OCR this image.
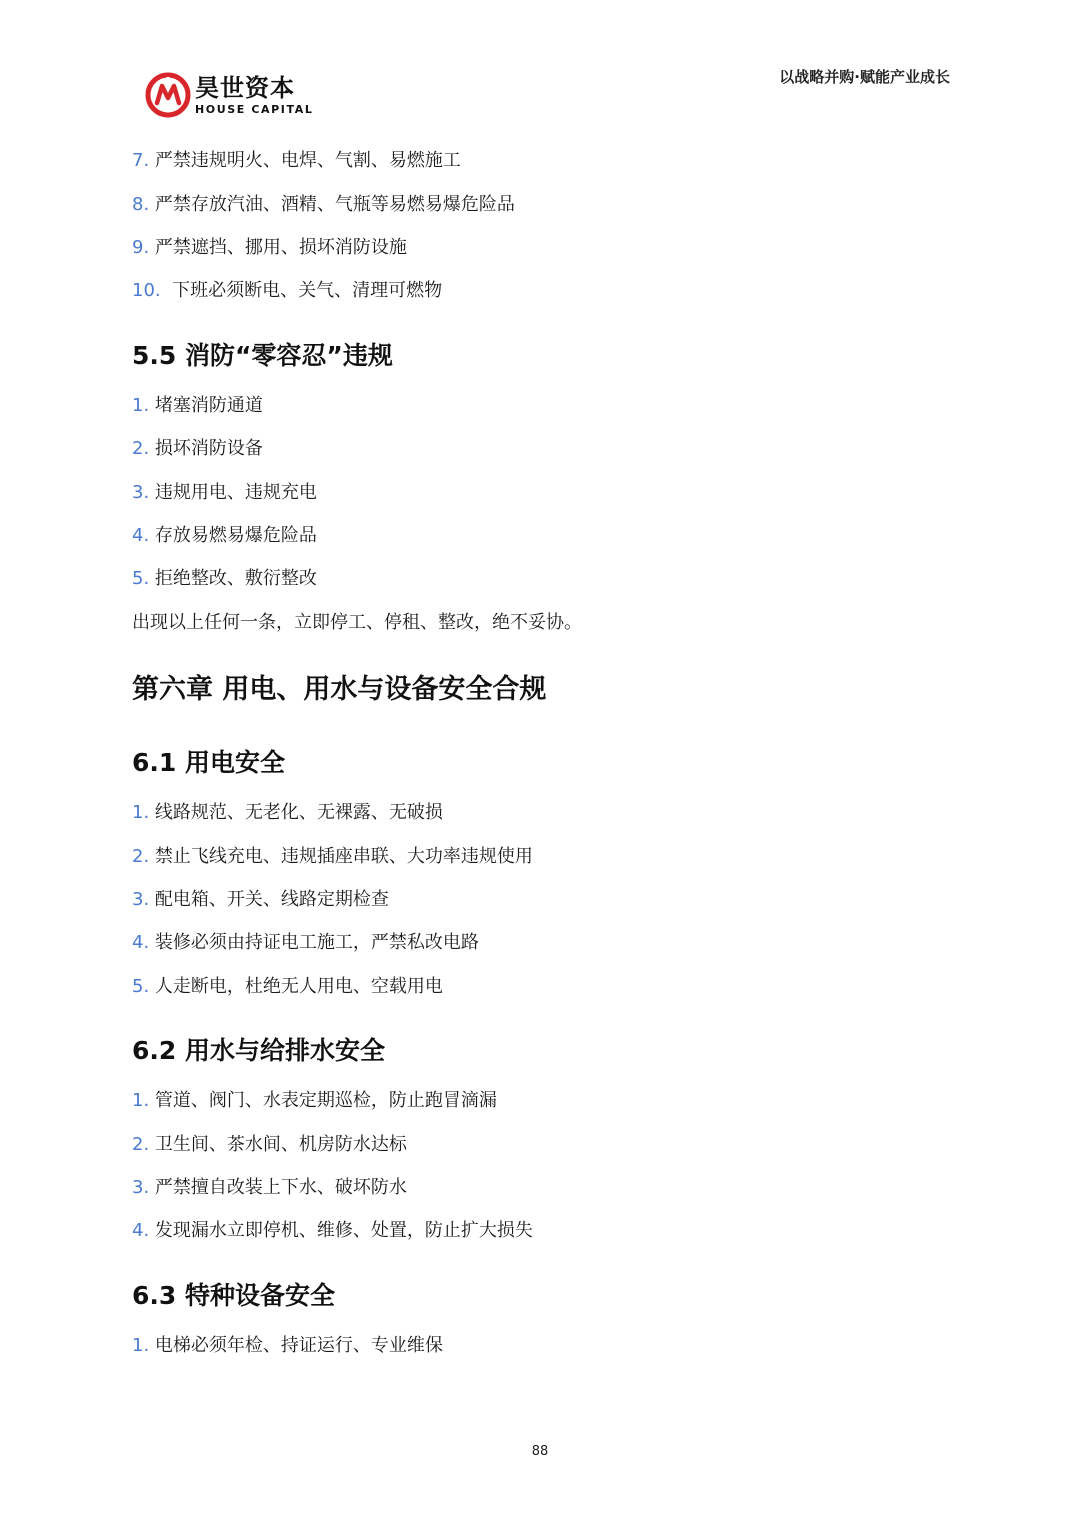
昊世资本
HOUSE CAPITAL
以战略并购·赋能产业成长
7. 严禁违规明火、电焊、气割、易燃施工
8. 严禁存放汽油、酒精、气瓶等易燃易爆危险品
9. 严禁遮挡、挪用、损坏消防设施
10. 下班必须断电、关气、清理可燃物
5.5 消防“零容忍”违规
1. 堵塞消防通道
2. 损坏消防设备
3. 违规用电、违规充电
4. 存放易燃易爆危险品
5. 拒绝整改、敷衍整改
出现以上任何一条，立即停工、停租、整改，绝不妥协。
第六章 用电、用水与设备安全合规
6.1 用电安全
1. 线路规范、无老化、无裸露、无破损
2. 禁止飞线充电、违规插座串联、大功率违规使用
3. 配电箱、开关、线路定期检查
4. 装修必须由持证电工施工，严禁私改电路
5. 人走断电，杜绝无人用电、空载用电
6.2 用水与给排水安全
1. 管道、阀门、水表定期巡检，防止跑冒滴漏
2. 卫生间、茶水间、机房防水达标
3. 严禁擅自改装上下水、破坏防水
4. 发现漏水立即停机、维修、处置，防止扩大损失
6.3 特种设备安全
1. 电梯必须年检、持证运行、专业维保
88
